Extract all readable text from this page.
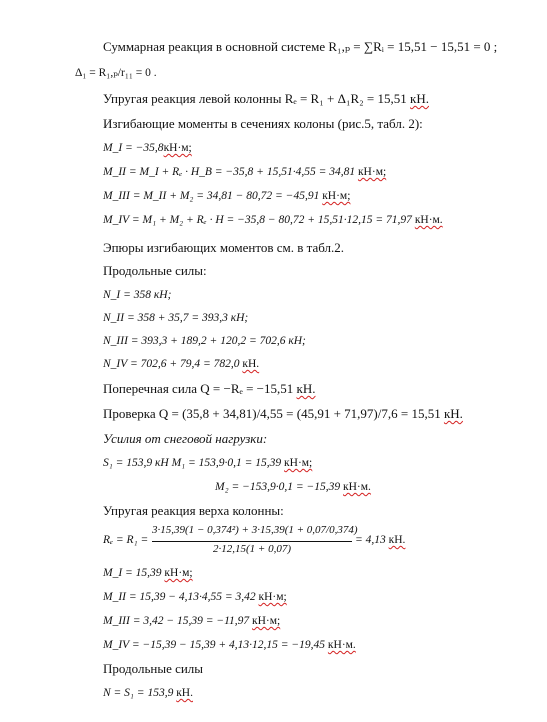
Суммарная реакция в основной системе R₁,ₚ = ∑Rᵢ = 15,51 − 15,51 = 0 ;
Δ₁ = R₁,ₚ/r₁₁ = 0 .
Упругая реакция левой колонны Rₑ = R₁ + Δ₁R₂ = 15,51 кН.
Изгибающие моменты в сечениях колоны (рис.5, табл. 2):
M_I = −35,8кН·м;
M_II = M_I + Rₑ · H_В = −35,8 + 15,51·4,55 = 34,81 кН·м;
M_III = M_II + M₂ = 34,81 − 80,72 = −45,91 кН·м;
M_IV = M₁ + M₂ + Rₑ · H = −35,8 − 80,72 + 15,51·12,15 = 71,97 кН·м.
Эпюры изгибающих моментов см. в табл.2.
Продольные силы:
N_I = 358 кН;
N_II = 358 + 35,7 = 393,3 кН;
N_III = 393,3 + 189,2 + 120,2 = 702,6 кН;
N_IV = 702,6 + 79,4 = 782,0 кН.
Поперечная сила Q = −Rₑ = −15,51 кН.
Проверка Q = (35,8 + 34,81)/4,55 = (45,91 + 71,97)/7,6 = 15,51 кН.
Усилия от снеговой нагрузки:
S₁ = 153,9 кН M₁ = 153,9·0,1 = 15,39 кН·м;
M₂ = −153,9·0,1 = −15,39 кН·м.
Упругая реакция верха колонны:
Rₑ = R₁ =
3·15,39(1 − 0,374²) + 3·15,39(1 + 0,07/0,374)
2·12,15(1 + 0,07)
= 4,13 кН.
M_I = 15,39 кН·м;
M_II = 15,39 − 4,13·4,55 = 3,42 кН·м;
M_III = 3,42 − 15,39 = −11,97 кН·м;
M_IV = −15,39 − 15,39 + 4,13·12,15 = −19,45 кН·м.
Продольные силы
N = S₁ = 153,9 кН.
